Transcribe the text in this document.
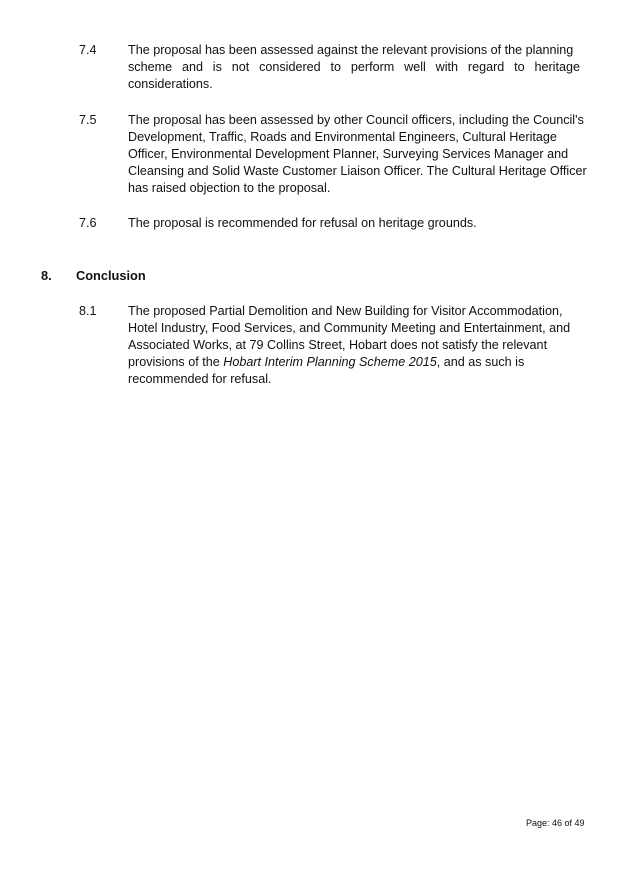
7.4 The proposal has been assessed against the relevant provisions of the planning
scheme and is not considered to perform well with regard to heritage
considerations.
7.5 The proposal has been assessed by other Council officers, including the Council's
Development, Traffic, Roads and Environmental Engineers, Cultural Heritage
Officer, Environmental Development Planner, Surveying Services Manager and
Cleansing and Solid Waste Customer Liaison Officer. The Cultural Heritage Officer
has raised objection to the proposal.
7.6 The proposal is recommended for refusal on heritage grounds.
8. Conclusion
8.1 The proposed Partial Demolition and New Building for Visitor Accommodation,
Hotel Industry, Food Services, and Community Meeting and Entertainment, and
Associated Works, at 79 Collins Street, Hobart does not satisfy the relevant
provisions of the Hobart Interim Planning Scheme 2015, and as such is
recommended for refusal.
Page: 46 of 49
